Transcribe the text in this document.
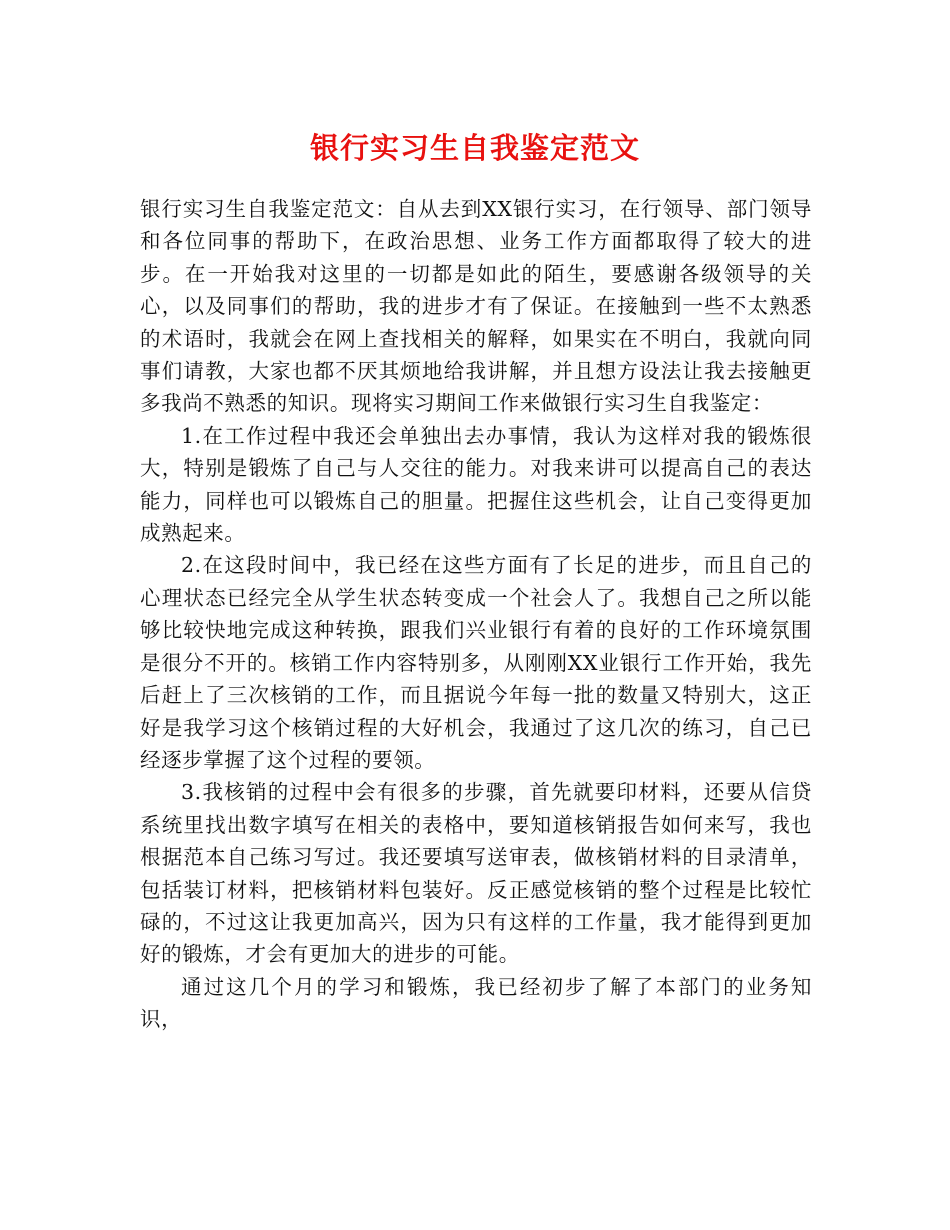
银行实习生自我鉴定范文

银行实习生自我鉴定范文：自从去到XX银行实习，在行领导、部门领导和各位同事的帮助下，在政治思想、业务工作方面都取得了较大的进步。在一开始我对这里的一切都是如此的陌生，要感谢各级领导的关心，以及同事们的帮助，我的进步才有了保证。在接触到一些不太熟悉的术语时，我就会在网上查找相关的解释，如果实在不明白，我就向同事们请教，大家也都不厌其烦地给我讲解，并且想方设法让我去接触更多我尚不熟悉的知识。现将实习期间工作来做银行实习生自我鉴定：

1.在工作过程中我还会单独出去办事情，我认为这样对我的锻炼很大，特别是锻炼了自己与人交往的能力。对我来讲可以提高自己的表达能力，同样也可以锻炼自己的胆量。把握住这些机会，让自己变得更加成熟起来。

2.在这段时间中，我已经在这些方面有了长足的进步，而且自己的心理状态已经完全从学生状态转变成一个社会人了。我想自己之所以能够比较快地完成这种转换，跟我们兴业银行有着的良好的工作环境氛围是很分不开的。核销工作内容特别多，从刚刚XX业银行工作开始，我先后赶上了三次核销的工作，而且据说今年每一批的数量又特别大，这正好是我学习这个核销过程的大好机会，我通过了这几次的练习，自己已经逐步掌握了这个过程的要领。

3.我核销的过程中会有很多的步骤，首先就要印材料，还要从信贷系统里找出数字填写在相关的表格中，要知道核销报告如何来写，我也根据范本自己练习写过。我还要填写送审表，做核销材料的目录清单，包括装订材料，把核销材料包装好。反正感觉核销的整个过程是比较忙碌的，不过这让我更加高兴，因为只有这样的工作量，我才能得到更加好的锻炼，才会有更加大的进步的可能。

通过这几个月的学习和锻炼，我已经初步了解了本部门的业务知识，
